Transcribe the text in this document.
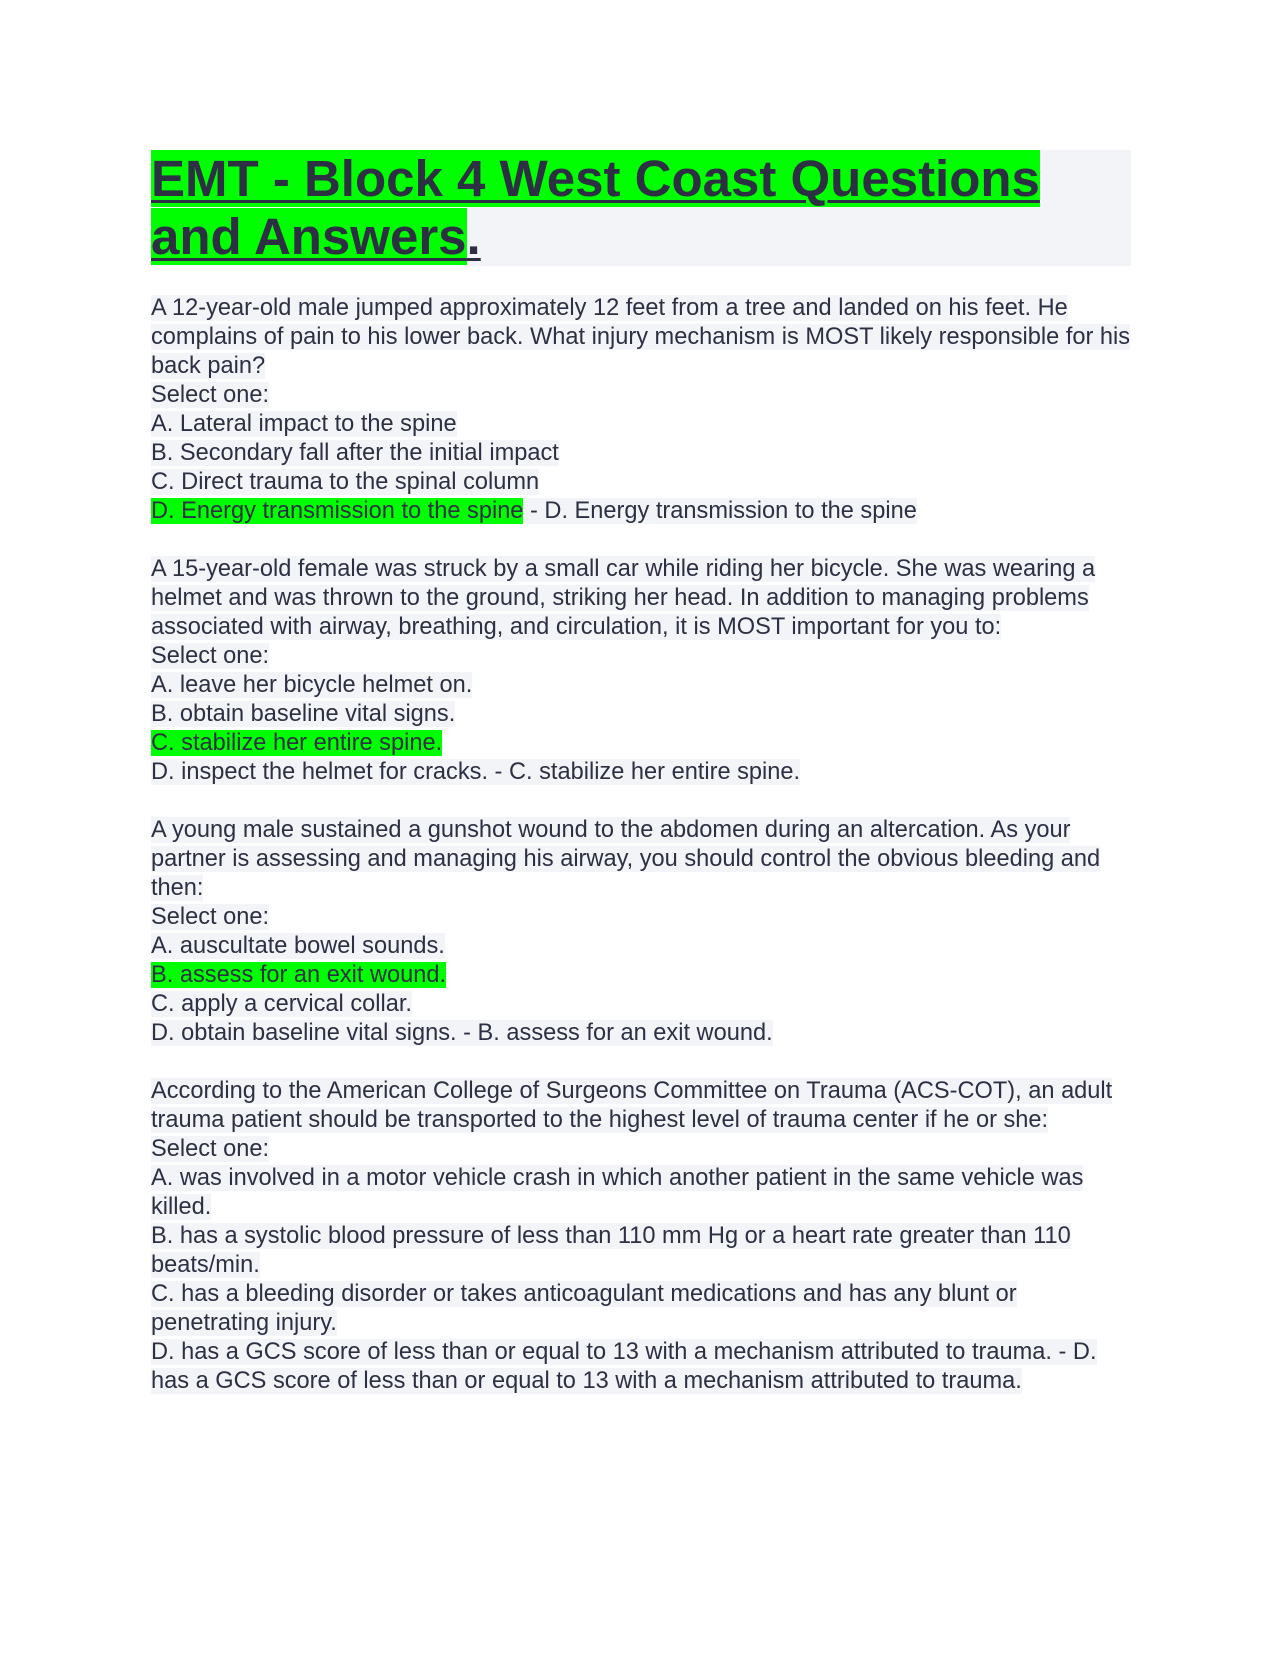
EMT - Block 4 West Coast Questions and Answers.
A 12-year-old male jumped approximately 12 feet from a tree and landed on his feet. He complains of pain to his lower back. What injury mechanism is MOST likely responsible for his back pain?
Select one:
A. Lateral impact to the spine
B. Secondary fall after the initial impact
C. Direct trauma to the spinal column
D. Energy transmission to the spine - D. Energy transmission to the spine
A 15-year-old female was struck by a small car while riding her bicycle. She was wearing a helmet and was thrown to the ground, striking her head. In addition to managing problems associated with airway, breathing, and circulation, it is MOST important for you to:
Select one:
A. leave her bicycle helmet on.
B. obtain baseline vital signs.
C. stabilize her entire spine.
D. inspect the helmet for cracks. - C. stabilize her entire spine.
A young male sustained a gunshot wound to the abdomen during an altercation. As your partner is assessing and managing his airway, you should control the obvious bleeding and then:
Select one:
A. auscultate bowel sounds.
B. assess for an exit wound.
C. apply a cervical collar.
D. obtain baseline vital signs. - B. assess for an exit wound.
According to the American College of Surgeons Committee on Trauma (ACS-COT), an adult trauma patient should be transported to the highest level of trauma center if he or she:
Select one:
A. was involved in a motor vehicle crash in which another patient in the same vehicle was killed.
B. has a systolic blood pressure of less than 110 mm Hg or a heart rate greater than 110 beats/min.
C. has a bleeding disorder or takes anticoagulant medications and has any blunt or penetrating injury.
D. has a GCS score of less than or equal to 13 with a mechanism attributed to trauma. - D. has a GCS score of less than or equal to 13 with a mechanism attributed to trauma.
